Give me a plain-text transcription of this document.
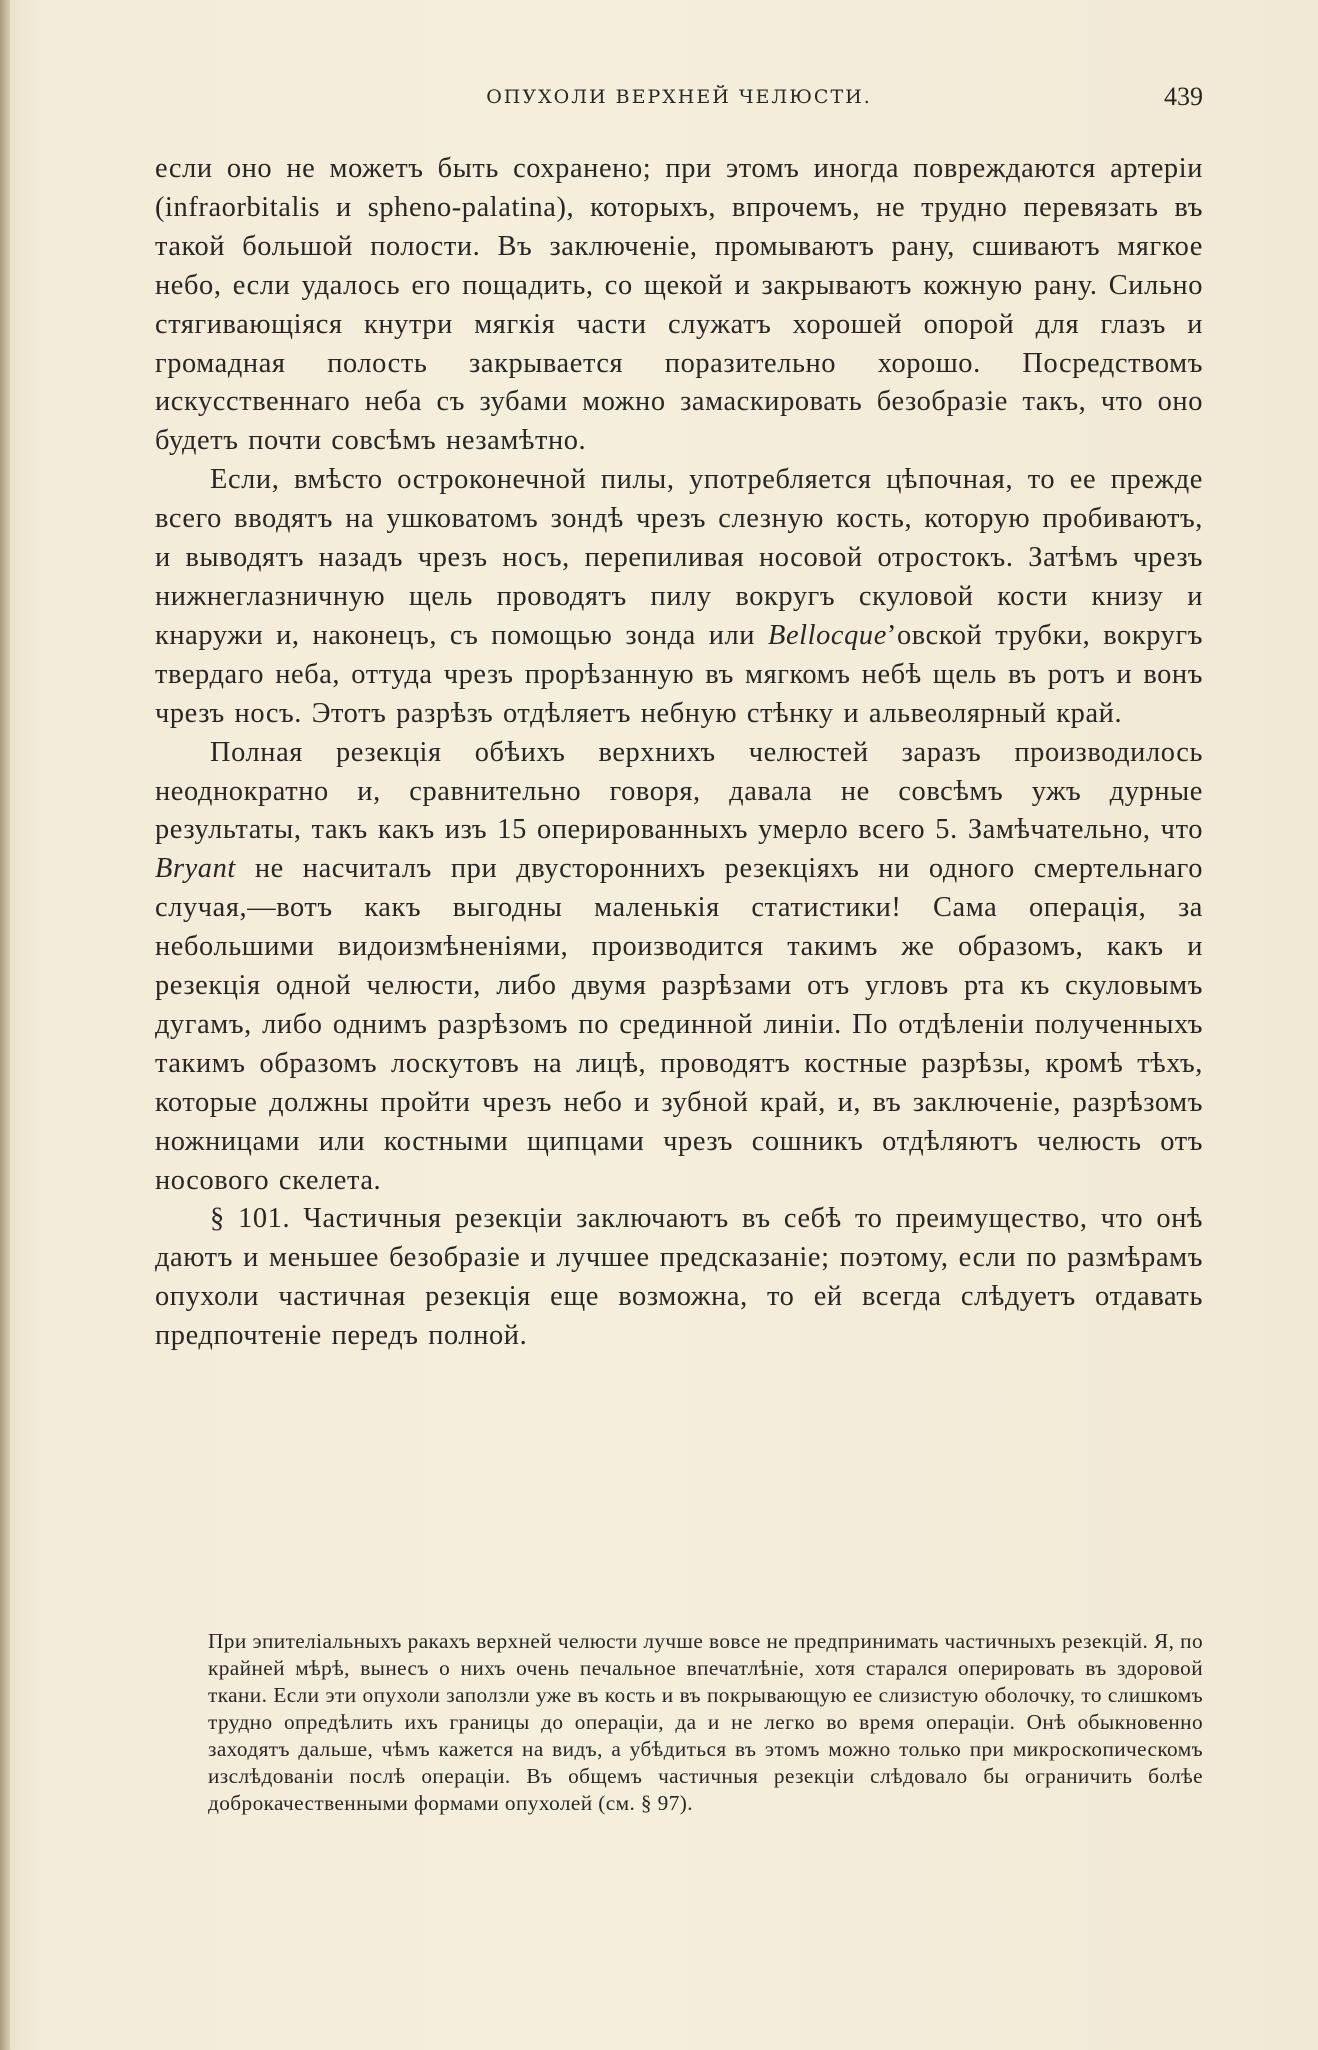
ОПУХОЛИ ВЕРХНЕЙ ЧЕЛЮСТИ.	439

если оно не можетъ быть сохранено; при этомъ иногда повреждаются артеріи (infraorbitalis и spheno-palatina), которыхъ, впрочемъ, не трудно перевязать въ такой большой полости. Въ заключеніе, промываютъ рану, сшиваютъ мягкое небо, если удалось его пощадить, со щекой и закрываютъ кожную рану. Сильно стягивающіяся кнутри мягкія части служатъ хорошей опорой для глазъ и громадная полость закрывается поразительно хорошо. Посредствомъ искусственнаго неба съ зубами можно замаскировать безобразіе такъ, что оно будетъ почти совсѣмъ незамѣтно.

Если, вмѣсто остроконечной пилы, употребляется цѣпочная, то ее прежде всего вводятъ на ушковатомъ зондѣ чрезъ слезную кость, которую пробиваютъ, и выводятъ назадъ чрезъ носъ, перепиливая носовой отростокъ. Затѣмъ чрезъ нижнеглазничную щель проводятъ пилу вокругъ скуловой кости книзу и кнаружи и, наконецъ, съ помощью зонда или Bellocque’овской трубки, вокругъ твердаго неба, оттуда чрезъ прорѣзанную въ мягкомъ небѣ щель въ ротъ и вонъ чрезъ носъ. Этотъ разрѣзъ отдѣляетъ небную стѣнку и альвеолярный край.

Полная резекція обѣихъ верхнихъ челюстей заразъ производилось неоднократно и, сравнительно говоря, давала не совсѣмъ ужъ дурные результаты, такъ какъ изъ 15 оперированныхъ умерло всего 5. Замѣчательно, что Bryant не насчиталъ при двустороннихъ резекціяхъ ни одного смертельнаго случая,—вотъ какъ выгодны маленькія статистики! Сама операція, за небольшими видоизмѣненіями, производится такимъ же образомъ, какъ и резекція одной челюсти, либо двумя разрѣзами отъ угловъ рта къ скуловымъ дугамъ, либо однимъ разрѣзомъ по срединной линіи. По отдѣленіи полученныхъ такимъ образомъ лоскутовъ на лицѣ, проводятъ костные разрѣзы, кромѣ тѣхъ, которые должны пройти чрезъ небо и зубной край, и, въ заключеніе, разрѣзомъ ножницами или костными щипцами чрезъ сошникъ отдѣляютъ челюсть отъ носового скелета.

§ 101. Частичныя резекціи заключаютъ въ себѣ то преимущество, что онѣ даютъ и меньшее безобразіе и лучшее предсказаніе; поэтому, если по размѣрамъ опухоли частичная резекція еще возможна, то ей всегда слѣдуетъ отдавать предпочтеніе передъ полной.

При эпителіальныхъ ракахъ верхней челюсти лучше вовсе не предпринимать частичныхъ резекцій. Я, по крайней мѣрѣ, вынесъ о нихъ очень печальное впечатлѣніе, хотя старался оперировать въ здоровой ткани. Если эти опухоли заползли уже въ кость и въ покрывающую ее слизистую оболочку, то слишкомъ трудно опредѣлить ихъ границы до операціи, да и не легко во время операціи. Онѣ обыкновенно заходятъ дальше, чѣмъ кажется на видъ, а убѣдиться въ этомъ можно только при микроскопическомъ изслѣдованіи послѣ операціи. Въ общемъ частичныя резекціи слѣдовало бы ограничить болѣе доброкачественными формами опухолей (см. § 97).
